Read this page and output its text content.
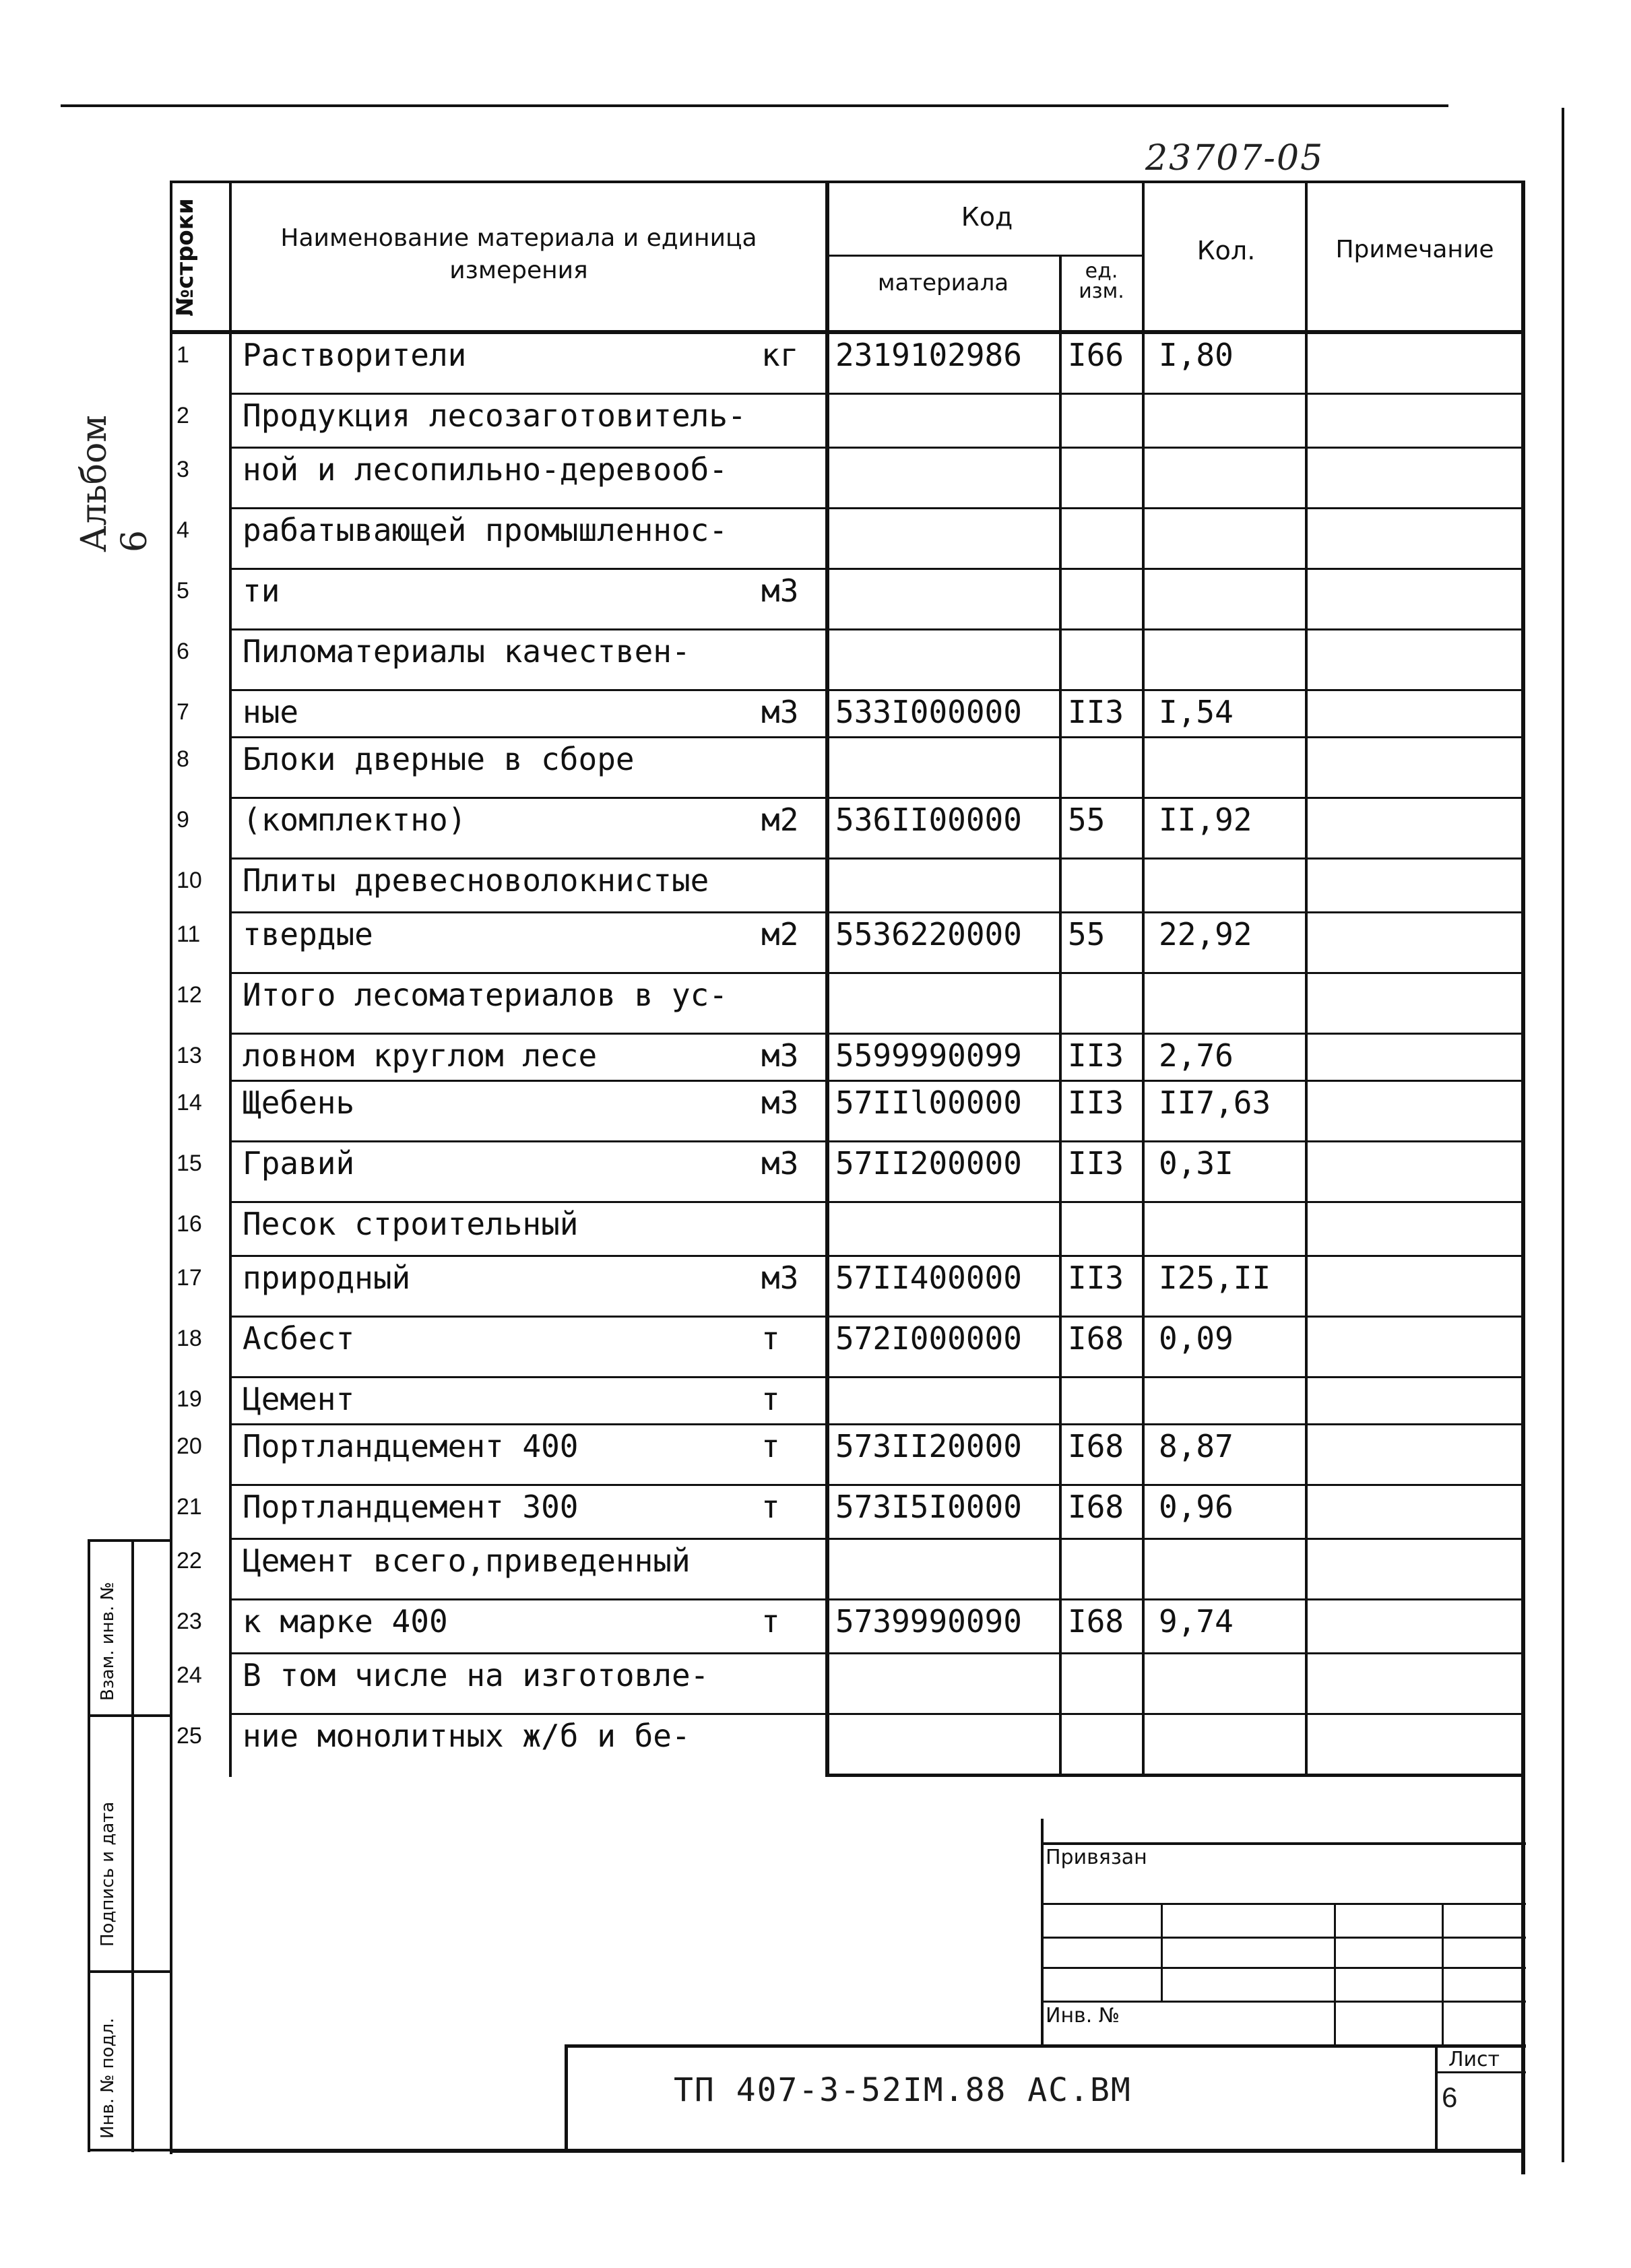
23707-05
Альбом 6
№строки	Наименование материала и единица измерения
Код
материала	ед. изм.
Кол.	Примечание
1 Растворители	кг 2319102986 I66 I,80
2 Продукция лесозаготовитель-
3 ной и лесопильно-деревооб-
4 рабатывающей промышленнос-
5 ти	м3
6 Пиломатериалы качествен-
7 ные	м3 533I000000 II3 I,54
8 Блоки дверные в сборе
9 (комплектно)	м2 536II00000 55 II,92
10 Плиты древесноволокнистые
11 твердые	м2 5536220000 55 22,92
12 Итого лесоматериалов в ус-
13 ловном круглом лесе	м3 5599990099 II3 2,76
14 Щебень	м3 57IIl00000 II3 II7,63
15 Гравий	м3 57II200000 II3 0,3I
16 Песок строительный
17 природный	м3 57II400000 II3 I25,II
18 Асбест	т 572I000000 I68 0,09
19 Цемент	т
20 Портландцемент 400	т 573II20000 I68 8,87
21 Портландцемент 300	т 573I5I0000 I68 0,96
22 Цемент всего,приведенный
23 к марке 400	т 5739990090 I68 9,74
24 В том числе на изготовле-
25 ние монолитных ж/б и бе-
Привязан
Инв. №
Лист
6
ТП 407-3-52IМ.88 АС.ВМ
Взам. инв. №
Подпись и дата
Инв. № подл.
